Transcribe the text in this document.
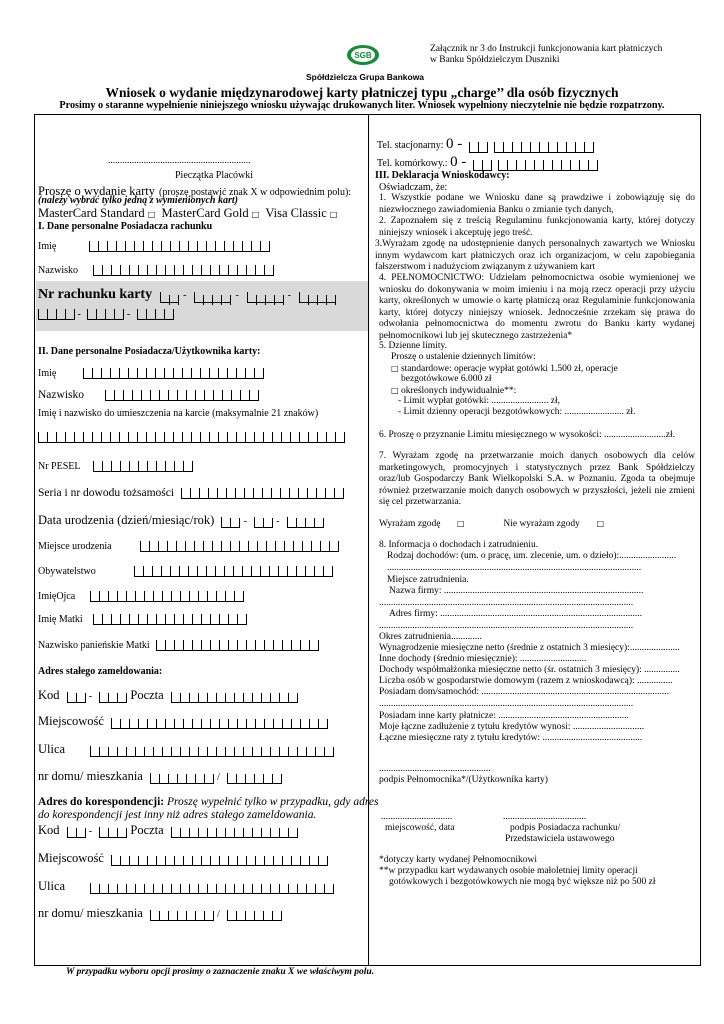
Załącznik nr 3 do Instrukcji funkcjonowania kart płatniczych
w Banku Spółdzielczym Duszniki
SGB
Spółdzielcza Grupa Bankowa
Wniosek o wydanie międzynarodowej karty płatniczej typu „charge’’ dla osób fizycznych
Prosimy o staranne wypełnienie niniejszego wniosku używając drukowanych liter. Wniosek wypełniony nieczytelnie nie będzie rozpatrzony.
............................................................
Pieczątka Placówki
Proszę o wydanie karty (proszę postawić znak X w odpowiednim polu):
(należy wybrać tylko jedną z wymienionych kart)
MasterCard Standard □ MasterCard Gold □ Visa Classic □
I. Dane personalne Posiadacza rachunku
Imię
Nazwisko
Nr rachunku karty	-	-	-
-	-
II. Dane personalne Posiadacza/Użytkownika karty:
Imię
Nazwisko
Imię i nazwisko do umieszczenia na karcie (maksymalnie 21 znaków)
Nr PESEL
Seria i nr dowodu tożsamości
Data urodzenia (dzień/miesiąc/rok)	-	-
Miejsce urodzenia
Obywatelstwo
ImięOjca
Imię Matki
Nazwisko panieńskie Matki
Adres stałego zameldowania:
Kod	-	Poczta
Miejscowość
Ulica
nr domu/ mieszkania	/
Adres do korespondencji: Proszę wypełnić tylko w przypadku, gdy adres
do korespondencji jest inny niż adres stałego zameldowania.
Kod	-	Poczta
Miejscowość
Ulica
nr domu/ mieszkania	/
Tel. stacjonarny: 0 -
Tel. komórkowy.: 0 -
III. Deklaracja Wnioskodawcy:
Oświadczam, że:
1. Wszystkie podane we Wniosku dane są prawdziwe i zobowiązuję się do niezwłocznego zawiadomienia Banku o zmianie tych danych,
2. Zapoznałem się z treścią Regulaminu funkcjonowania karty, której dotyczy niniejszy wniosek i akceptuję jego treść.
3.Wyrażam zgodę na udostępnienie danych personalnych zawartych we Wniosku innym wydawcom kart płatniczych oraz ich organizacjom, w celu zapobiegania fałszerstwom i nadużyciom związanym z używaniem kart
4. PEŁNOMOCNICTWO: Udzielam pełnomocnictwa osobie wymienionej we wniosku do dokonywania w moim imieniu i na moją rzecz operacji przy użyciu karty, określonych w umowie o kartę płatniczą oraz Regulaminie funkcjonowania karty, której dotyczy niniejszy wniosek. Jednocześnie zrzekam się prawa do odwołania pełnomocnictwa do momentu zwrotu do Banku karty wydanej pełnomocnikowi lub jej skutecznego zastrzeżenia*
5. Dzienne limity.
Proszę o ustalenie dziennych limitów:
□ standardowe: operacje wypłat gotówki 1.500 zł, operacje
bezgotówkowe 6.000 zł
□ określonych indywidualnie**:
- Limit wypłat gotówki: ........................ zł,
- Limit dzienny operacji bezgotówkowych: ......................... zł.
6. Proszę o przyznanie Limitu miesięcznego w wysokości: ..........................zł.
7. Wyrażam zgodę na przetwarzanie moich danych osobowych dla celów marketingowych, promocyjnych i statystycznych przez Bank Spółdzielczy oraz/lub Gospodarczy Bank Wielkopolski S.A. w Poznaniu. Zgoda ta obejmuje również przetwarzanie moich danych osobowych w przyszłości, jeżeli nie zmieni się cel przetwarzania.
Wyrażam zgodę □	Nie wyrażam zgody □
8. Informacja o dochodach i zatrudnieniu.
Rodzaj dochodów: (um. o pracę, um. zlecenie, um. o dzieło):........................
...........................................................................................................
Miejsce zatrudnienia.
Nazwa firmy: ....................................................................................
...........................................................................................................
Adres firmy: .....................................................................................
...........................................................................................................
Okres zatrudnienia.............
Wynagrodzenie miesięczne netto (średnie z ostatnich 3 miesięcy):.....................
Inne dochody (średnio miesięcznie): ............................
Dochody współmałżonka miesięczne netto (śr. ostatnich 3 miesięcy): ...............
Liczba osób w gospodarstwie domowym (razem z wnioskodawcą): ...............
Posiadam dom/samochód: ...............................................................................
...........................................................................................................
Posiadam inne karty płatnicze: .......................................................
Moje łączne zadłużenie z tytułu kredytów wynosi: ..............................
Łączne miesięczne raty z tytułu kredytów: ..........................................
...............................................
podpis Pełnomocnika*/(Użytkownika karty)
..............................
miejscowość, data
...................................
podpis Posiadacza rachunku/
Przedstawiciela ustawowego
*dotyczy karty wydanej Pełnomocnikowi
**w przypadku kart wydawanych osobie małoletniej limity operacji
gotówkowych i bezgotówkowych nie mogą być większe niż po 500 zł
W przypadku wyboru opcji prosimy o zaznaczenie znaku X we właściwym polu.
